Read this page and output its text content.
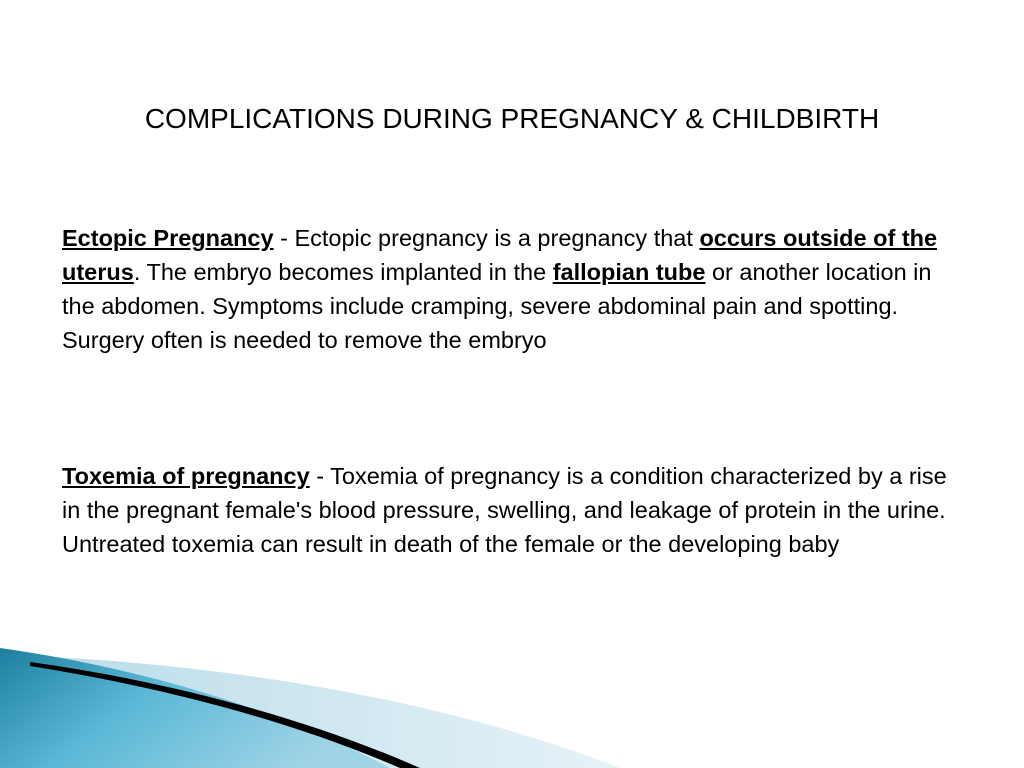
COMPLICATIONS DURING PREGNANCY & CHILDBIRTH

Ectopic Pregnancy - Ectopic pregnancy is a pregnancy that occurs outside of the uterus. The embryo becomes implanted in the fallopian tube or another location in the abdomen. Symptoms include cramping, severe abdominal pain and spotting. Surgery often is needed to remove the embryo

Toxemia of pregnancy - Toxemia of pregnancy is a condition characterized by a rise in the pregnant female's blood pressure, swelling, and leakage of protein in the urine. Untreated toxemia can result in death of the female or the developing baby
